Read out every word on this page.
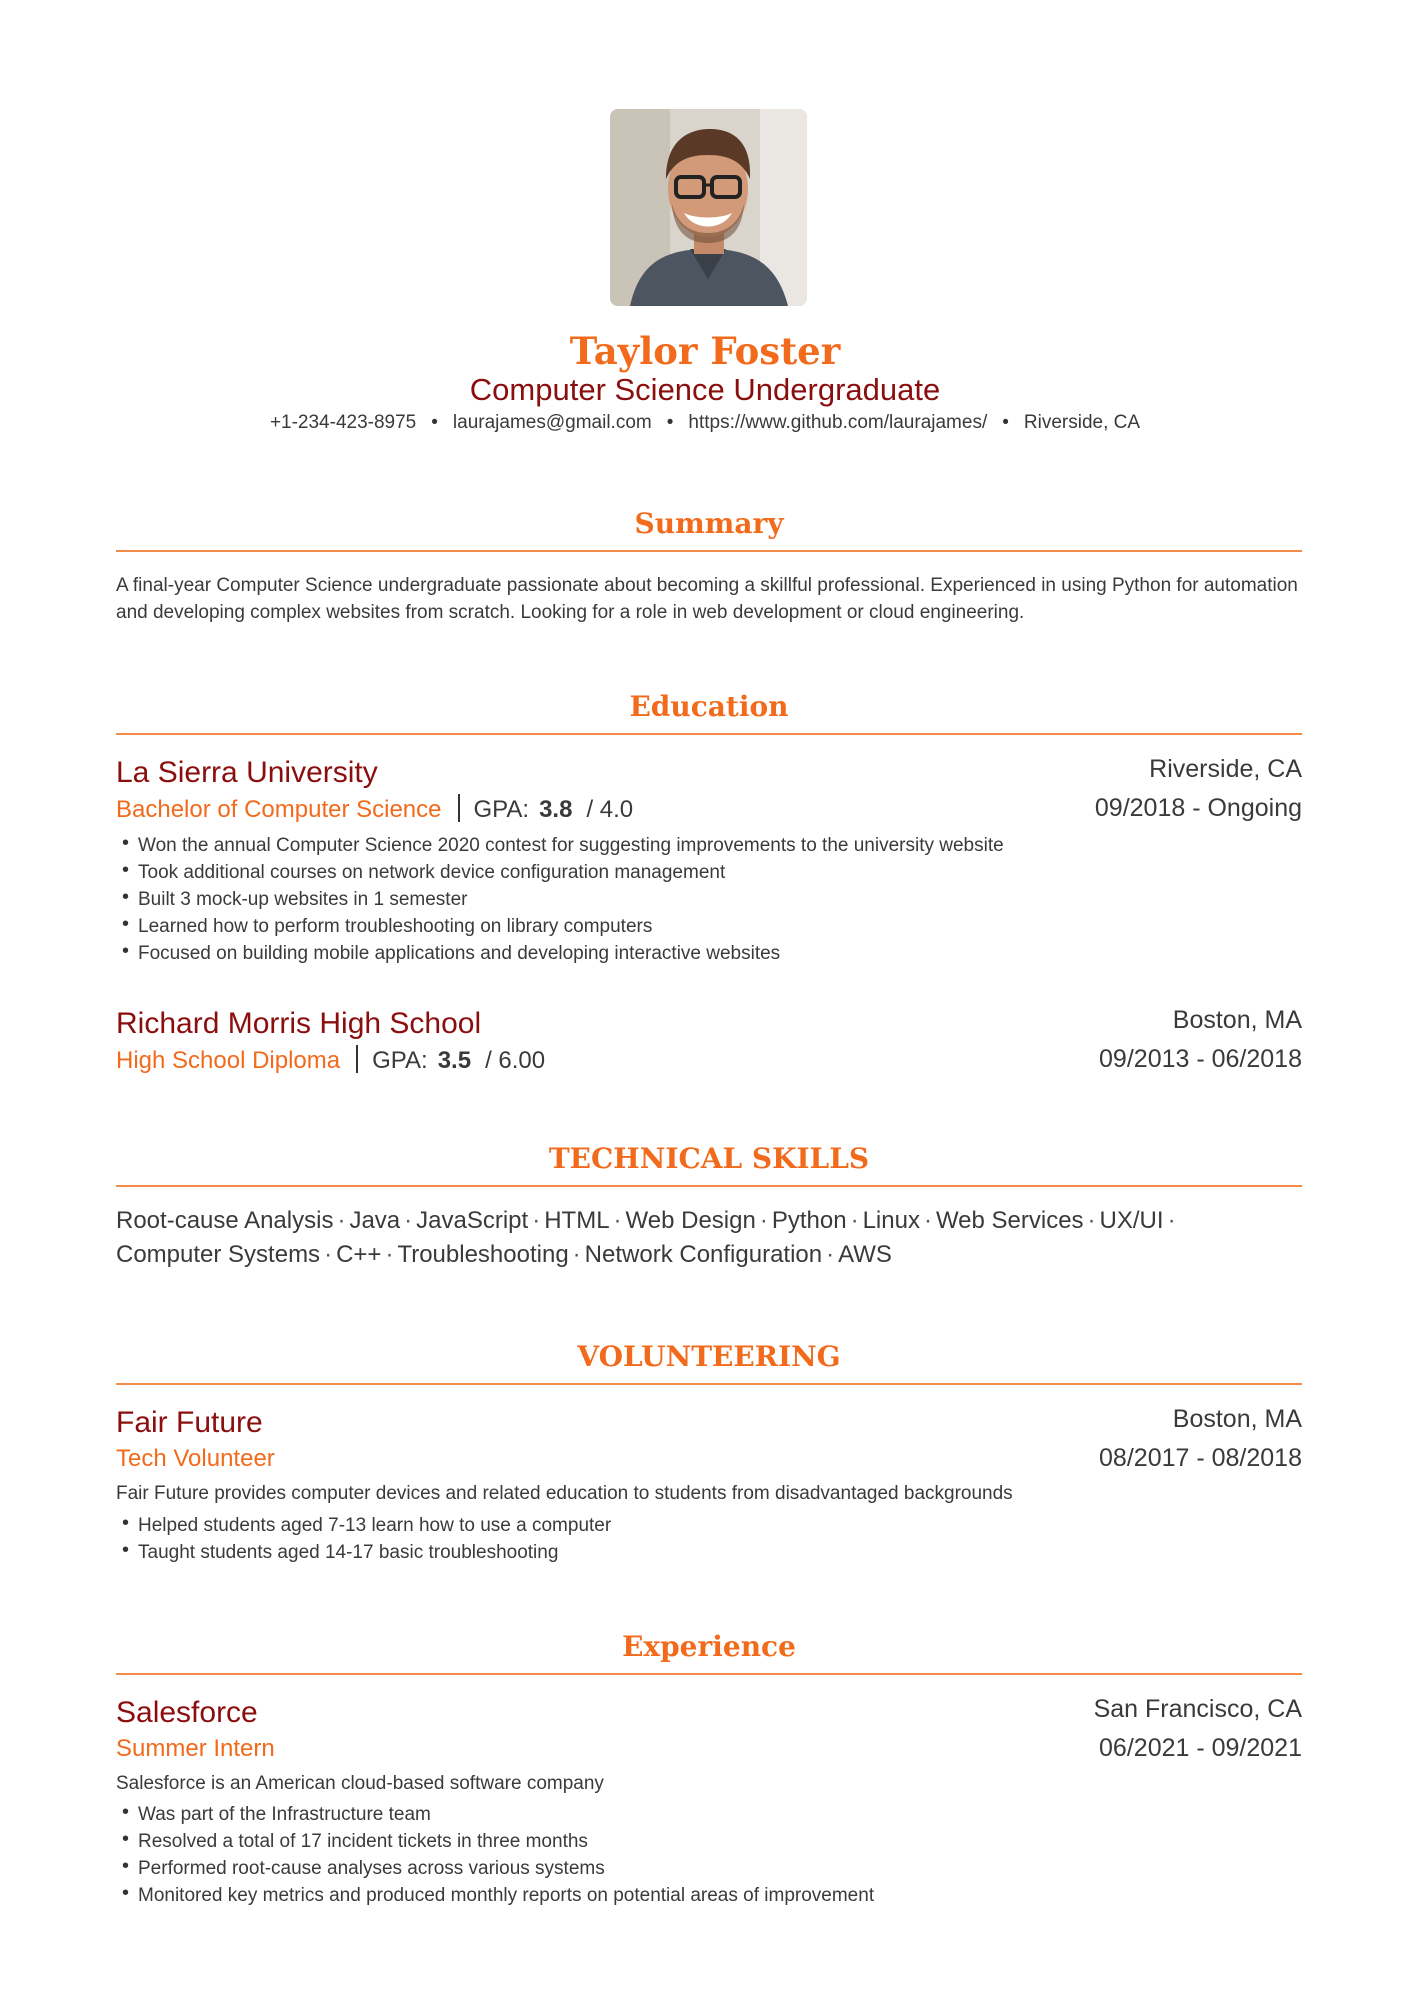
Taylor Foster
Computer Science Undergraduate
+1-234-423-8975 • laurajames@gmail.com • https://www.github.com/laurajames/ • Riverside, CA
Summary

A final-year Computer Science undergraduate passionate about becoming a skillful professional. Experienced in using Python for automation and developing complex websites from scratch. Looking for a role in web development or cloud engineering.

Education
La Sierra University	Riverside, CA
Bachelor of Computer Science GPA: 3.8 / 4.0	09/2018 - Ongoing
• Won the annual Computer Science 2020 contest for suggesting improvements to the university website
• Took additional courses on network device configuration management
• Built 3 mock-up websites in 1 semester
• Learned how to perform troubleshooting on library computers
• Focused on building mobile applications and developing interactive websites
Richard Morris High School	Boston, MA
High School Diploma GPA: 3.5 / 6.00	09/2013 - 06/2018
TECHNICAL SKILLS

Root-cause Analysis · Java · JavaScript · HTML · Web Design · Python · Linux · Web Services · UX/UI ·
Computer Systems · C++ · Troubleshooting · Network Configuration · AWS

VOLUNTEERING
Fair Future	Boston, MA
Tech Volunteer	08/2017 - 08/2018

Fair Future provides computer devices and related education to students from disadvantaged backgrounds

• Helped students aged 7-13 learn how to use a computer
• Taught students aged 14-17 basic troubleshooting
Experience
Salesforce	San Francisco, CA
Summer Intern	06/2021 - 09/2021

Salesforce is an American cloud-based software company

• Was part of the Infrastructure team
• Resolved a total of 17 incident tickets in three months
• Performed root-cause analyses across various systems
• Monitored key metrics and produced monthly reports on potential areas of improvement
